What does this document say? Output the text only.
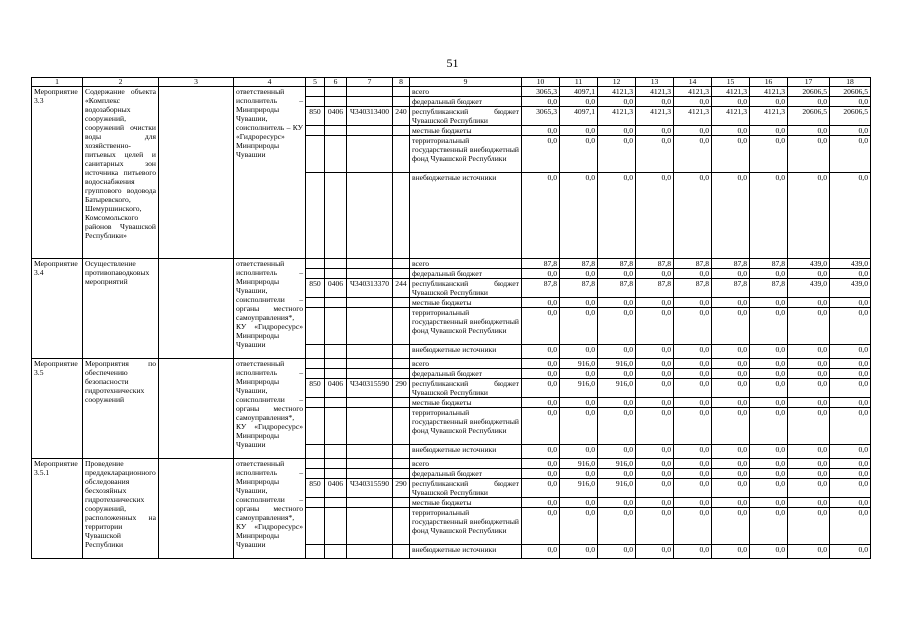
51
1	2	3	4	5	6	7	8	9	10	11	12	13	14	15	16	17	18
Мероприятие 3.3	Содержание объекта «Комплекс водозаборных сооружений, сооружений очистки воды для хозяйственно-питьевых целей и санитарных зон источника питьевого водоснабжения группового водовода Батыревского, Шемуршинского, Комсомольского районов Чувашской Республики»		ответственный исполнитель – Минприроды Чувашии, соисполнитель – КУ «Гидроресурс» Минприроды Чувашии					всего	3065,3	4097,1	4121,3	4121,3	4121,3	4121,3	4121,3	20606,5	20606,5
								федеральный бюджет	0,0	0,0	0,0	0,0	0,0	0,0	0,0	0,0	0,0
				850	0406	Ч340313400	240	республиканский бюджет Чувашской Республики	3065,3	4097,1	4121,3	4121,3	4121,3	4121,3	4121,3	20606,5	20606,5
								местные бюджеты	0,0	0,0	0,0	0,0	0,0	0,0	0,0	0,0	0,0
								территориальный государственный внебюджетный фонд Чувашской Республики	0,0	0,0	0,0	0,0	0,0	0,0	0,0	0,0	0,0
								внебюджетные источники	0,0	0,0	0,0	0,0	0,0	0,0	0,0	0,0	0,0
Мероприятие 3.4	Осуществление противопаводковых мероприятий		ответственный исполнитель – Минприроды Чувашии, соисполнители – органы местного самоуправления*, КУ «Гидроресурс» Минприроды Чувашии					всего	87,8	87,8	87,8	87,8	87,8	87,8	87,8	439,0	439,0
								федеральный бюджет	0,0	0,0	0,0	0,0	0,0	0,0	0,0	0,0	0,0
				850	0406	Ч340313370	244	республиканский бюджет Чувашской Республики	87,8	87,8	87,8	87,8	87,8	87,8	87,8	439,0	439,0
								местные бюджеты	0,0	0,0	0,0	0,0	0,0	0,0	0,0	0,0	0,0
								территориальный государственный внебюджетный фонд Чувашской Республики	0,0	0,0	0,0	0,0	0,0	0,0	0,0	0,0	0,0
								внебюджетные источники	0,0	0,0	0,0	0,0	0,0	0,0	0,0	0,0	0,0
Мероприятие 3.5	Мероприятия по обеспечению безопасности гидротехнических сооружений		ответственный исполнитель – Минприроды Чувашии, соисполнители – органы местного самоуправления*, КУ «Гидроресурс» Минприроды Чувашии					всего	0,0	916,0	916,0	0,0	0,0	0,0	0,0	0,0	0,0
								федеральный бюджет	0,0	0,0	0,0	0,0	0,0	0,0	0,0	0,0	0,0
				850	0406	Ч340315590	290	республиканский бюджет Чувашской Республики	0,0	916,0	916,0	0,0	0,0	0,0	0,0	0,0	0,0
								местные бюджеты	0,0	0,0	0,0	0,0	0,0	0,0	0,0	0,0	0,0
								территориальный государственный внебюджетный фонд Чувашской Республики	0,0	0,0	0,0	0,0	0,0	0,0	0,0	0,0	0,0
								внебюджетные источники	0,0	0,0	0,0	0,0	0,0	0,0	0,0	0,0	0,0
Мероприятие 3.5.1	Проведение преддекларационного обследования бесхозяйных гидротехнических сооружений, расположенных на территории Чувашской Республики		ответственный исполнитель – Минприроды Чувашии, соисполнители – органы местного самоуправления*, КУ «Гидроресурс» Минприроды Чувашии					всего	0,0	916,0	916,0	0,0	0,0	0,0	0,0	0,0	0,0
								федеральный бюджет	0,0	0,0	0,0	0,0	0,0	0,0	0,0	0,0	0,0
				850	0406	Ч340315590	290	республиканский бюджет Чувашской Республики	0,0	916,0	916,0	0,0	0,0	0,0	0,0	0,0	0,0
								местные бюджеты	0,0	0,0	0,0	0,0	0,0	0,0	0,0	0,0	0,0
								территориальный государственный внебюджетный фонд Чувашской Республики	0,0	0,0	0,0	0,0	0,0	0,0	0,0	0,0	0,0
								внебюджетные источники	0,0	0,0	0,0	0,0	0,0	0,0	0,0	0,0	0,0
